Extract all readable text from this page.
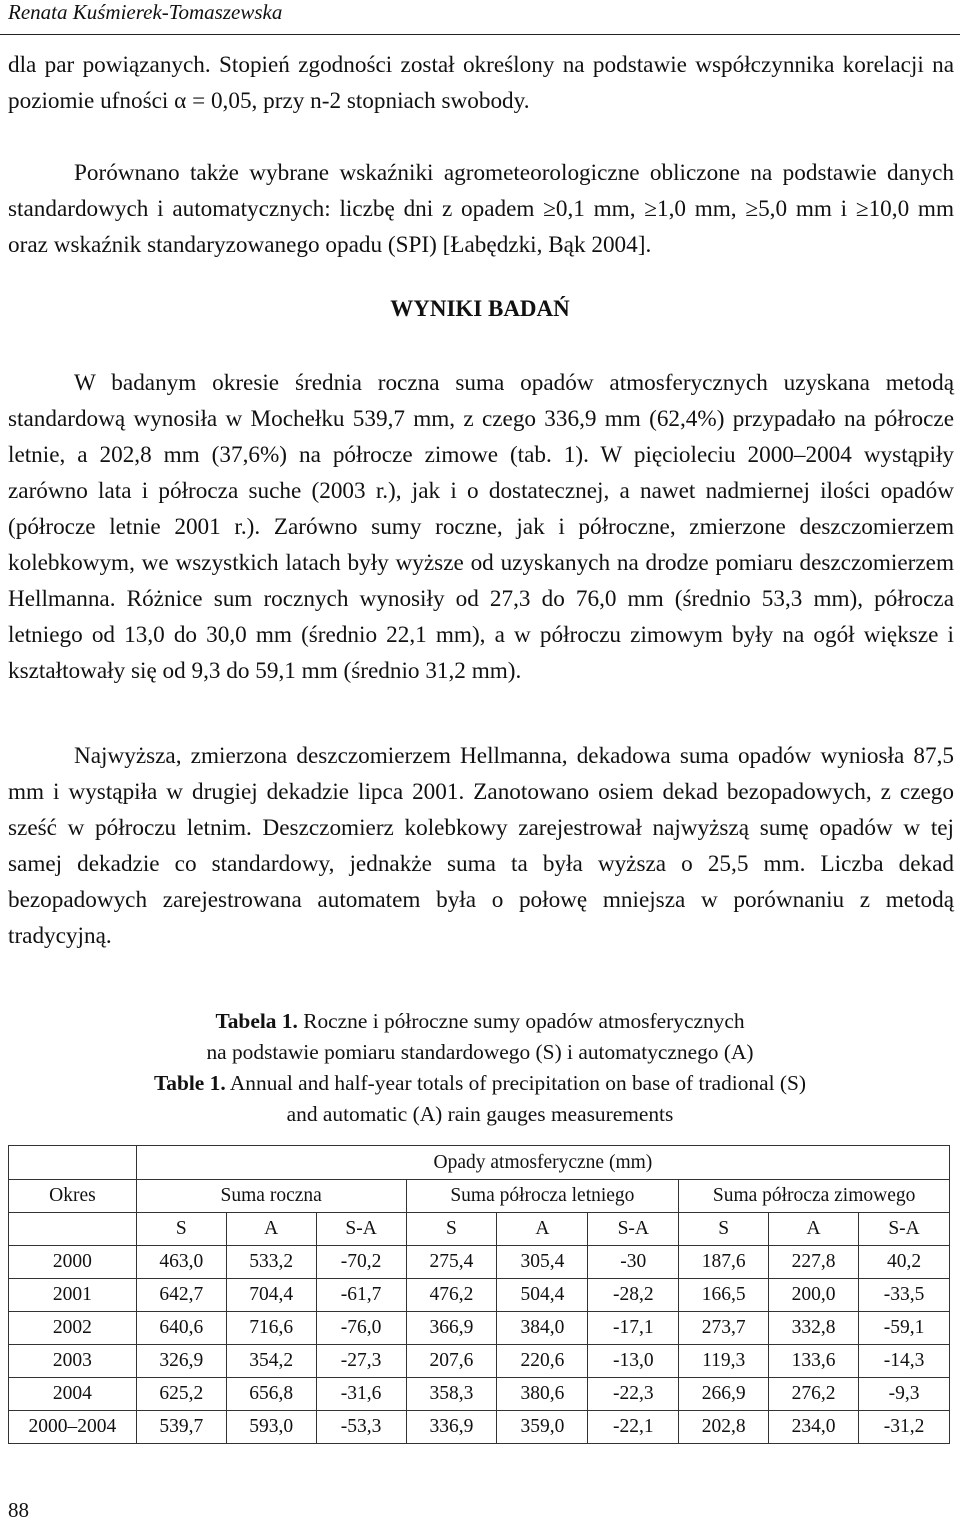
Renata Kuśmierek-Tomaszewska

dla par powiązanych. Stopień zgodności został określony na podstawie współczynnika korelacji na poziomie ufności α = 0,05, przy n-2 stopniach swobody.

Porównano także wybrane wskaźniki agrometeorologiczne obliczone na podstawie danych standardowych i automatycznych: liczbę dni z opadem ≥0,1 mm, ≥1,0 mm, ≥5,0 mm i ≥10,0 mm oraz wskaźnik standaryzowanego opadu (SPI) [Łabędzki, Bąk 2004].

WYNIKI BADAŃ

W badanym okresie średnia roczna suma opadów atmosferycznych uzyskana metodą standardową wynosiła w Mochełku 539,7 mm, z czego 336,9 mm (62,4%) przypadało na półrocze letnie, a 202,8 mm (37,6%) na półrocze zimowe (tab. 1). W pięcioleciu 2000–2004 wystąpiły zarówno lata i półrocza suche (2003 r.), jak i o dostatecznej, a nawet nadmiernej ilości opadów (półrocze letnie 2001 r.). Zarówno sumy roczne, jak i półroczne, zmierzone deszczomierzem kolebkowym, we wszystkich latach były wyższe od uzyskanych na drodze pomiaru deszczomierzem Hellmanna. Różnice sum rocznych wynosiły od 27,3 do 76,0 mm (średnio 53,3 mm), półrocza letniego od 13,0 do 30,0 mm (średnio 22,1 mm), a w półroczu zimowym były na ogół większe i kształtowały się od 9,3 do 59,1 mm (średnio 31,2 mm).

Najwyższa, zmierzona deszczomierzem Hellmanna, dekadowa suma opadów wyniosła 87,5 mm i wystąpiła w drugiej dekadzie lipca 2001. Zanotowano osiem dekad bezopadowych, z czego sześć w półroczu letnim. Deszczomierz kolebkowy zarejestrował najwyższą sumę opadów w tej samej dekadzie co standardowy, jednakże suma ta była wyższa o 25,5 mm. Liczba dekad bezopadowych zarejestrowana automatem była o połowę mniejsza w porównaniu z metodą tradycyjną.

Tabela 1. Roczne i półroczne sumy opadów atmosferycznych
na podstawie pomiaru standardowego (S) i automatycznego (A)
Table 1. Annual and half-year totals of precipitation on base of tradional (S)
and automatic (A) rain gauges measurements
	Opady atmosferyczne (mm)								
Okres	Suma roczna			Suma półrocza letniego			Suma półrocza zimowego		
	S	A	S-A	S	A	S-A	S	A	S-A
2000	463,0	533,2	-70,2	275,4	305,4	-30	187,6	227,8	40,2
2001	642,7	704,4	-61,7	476,2	504,4	-28,2	166,5	200,0	-33,5
2002	640,6	716,6	-76,0	366,9	384,0	-17,1	273,7	332,8	-59,1
2003	326,9	354,2	-27,3	207,6	220,6	-13,0	119,3	133,6	-14,3
2004	625,2	656,8	-31,6	358,3	380,6	-22,3	266,9	276,2	-9,3
2000–2004	539,7	593,0	-53,3	336,9	359,0	-22,1	202,8	234,0	-31,2
88
